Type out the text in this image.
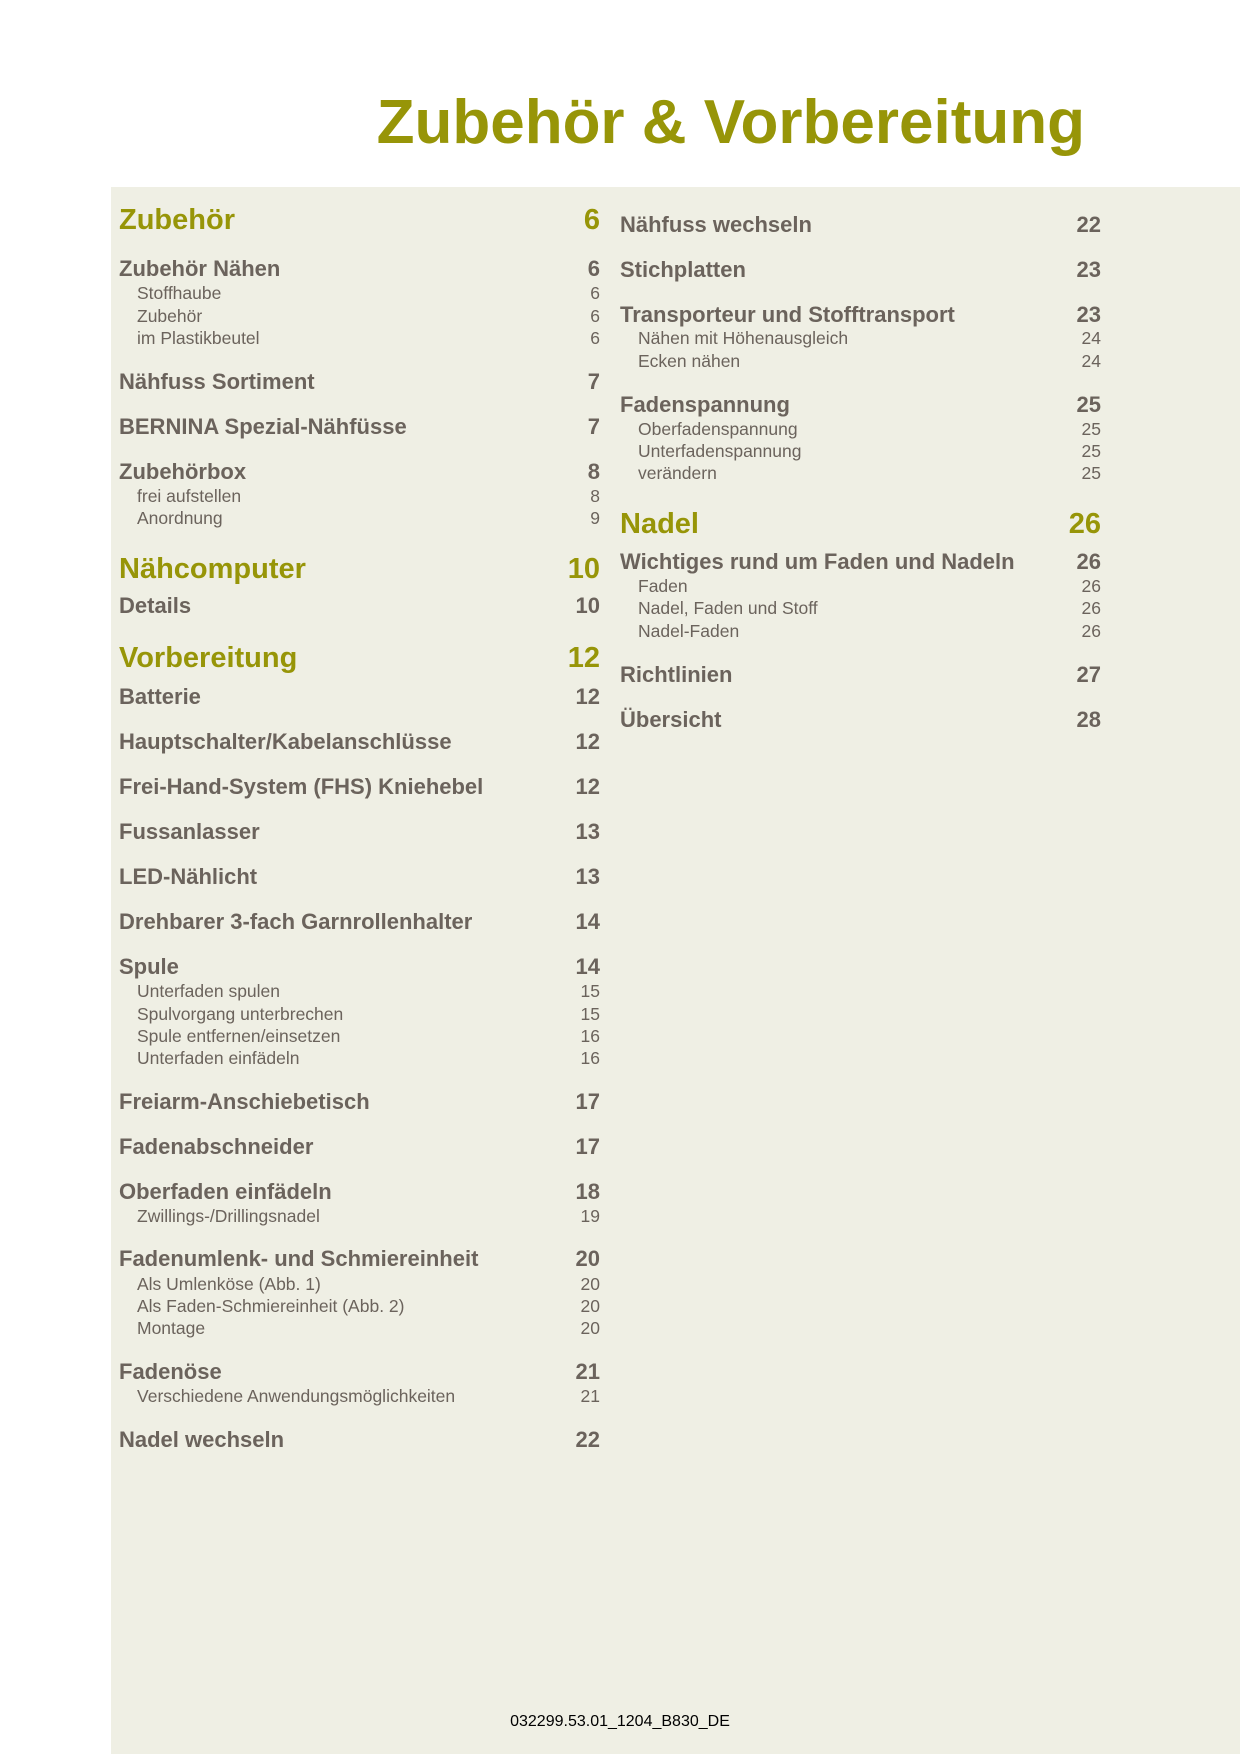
Zubehör & Vorbereitung
Zubehör	6
Zubehör Nähen	6
Stoffhaube	6
Zubehör	6
im Plastikbeutel	6
Nähfuss Sortiment	7
BERNINA Spezial-Nähfüsse	7
Zubehörbox	8
frei aufstellen	8
Anordnung	9
Nähcomputer	10
Details	10
Vorbereitung	12
Batterie	12
Hauptschalter/Kabelanschlüsse	12
Frei-Hand-System (FHS) Kniehebel	12
Fussanlasser	13
LED-Nählicht	13
Drehbarer 3-fach Garnrollenhalter	14
Spule	14
Unterfaden spulen	15
Spulvorgang unterbrechen	15
Spule entfernen/einsetzen	16
Unterfaden einfädeln	16
Freiarm-Anschiebetisch	17
Fadenabschneider	17
Oberfaden einfädeln	18
Zwillings-/Drillingsnadel	19
Fadenumlenk- und Schmiereinheit	20
Als Umlenköse (Abb. 1)	20
Als Faden-Schmiereinheit (Abb. 2)	20
Montage	20
Fadenöse	21
Verschiedene Anwendungsmöglichkeiten	21
Nadel wechseln	22
Nähfuss wechseln	22
Stichplatten	23
Transporteur und Stofftransport	23
Nähen mit Höhenausgleich	24
Ecken nähen	24
Fadenspannung	25
Oberfadenspannung	25
Unterfadenspannung	25
verändern	25
Nadel	26
Wichtiges rund um Faden und Nadeln	26
Faden	26
Nadel, Faden und Stoff	26
Nadel-Faden	26
Richtlinien	27
Übersicht	28
032299.53.01_1204_B830_DE
